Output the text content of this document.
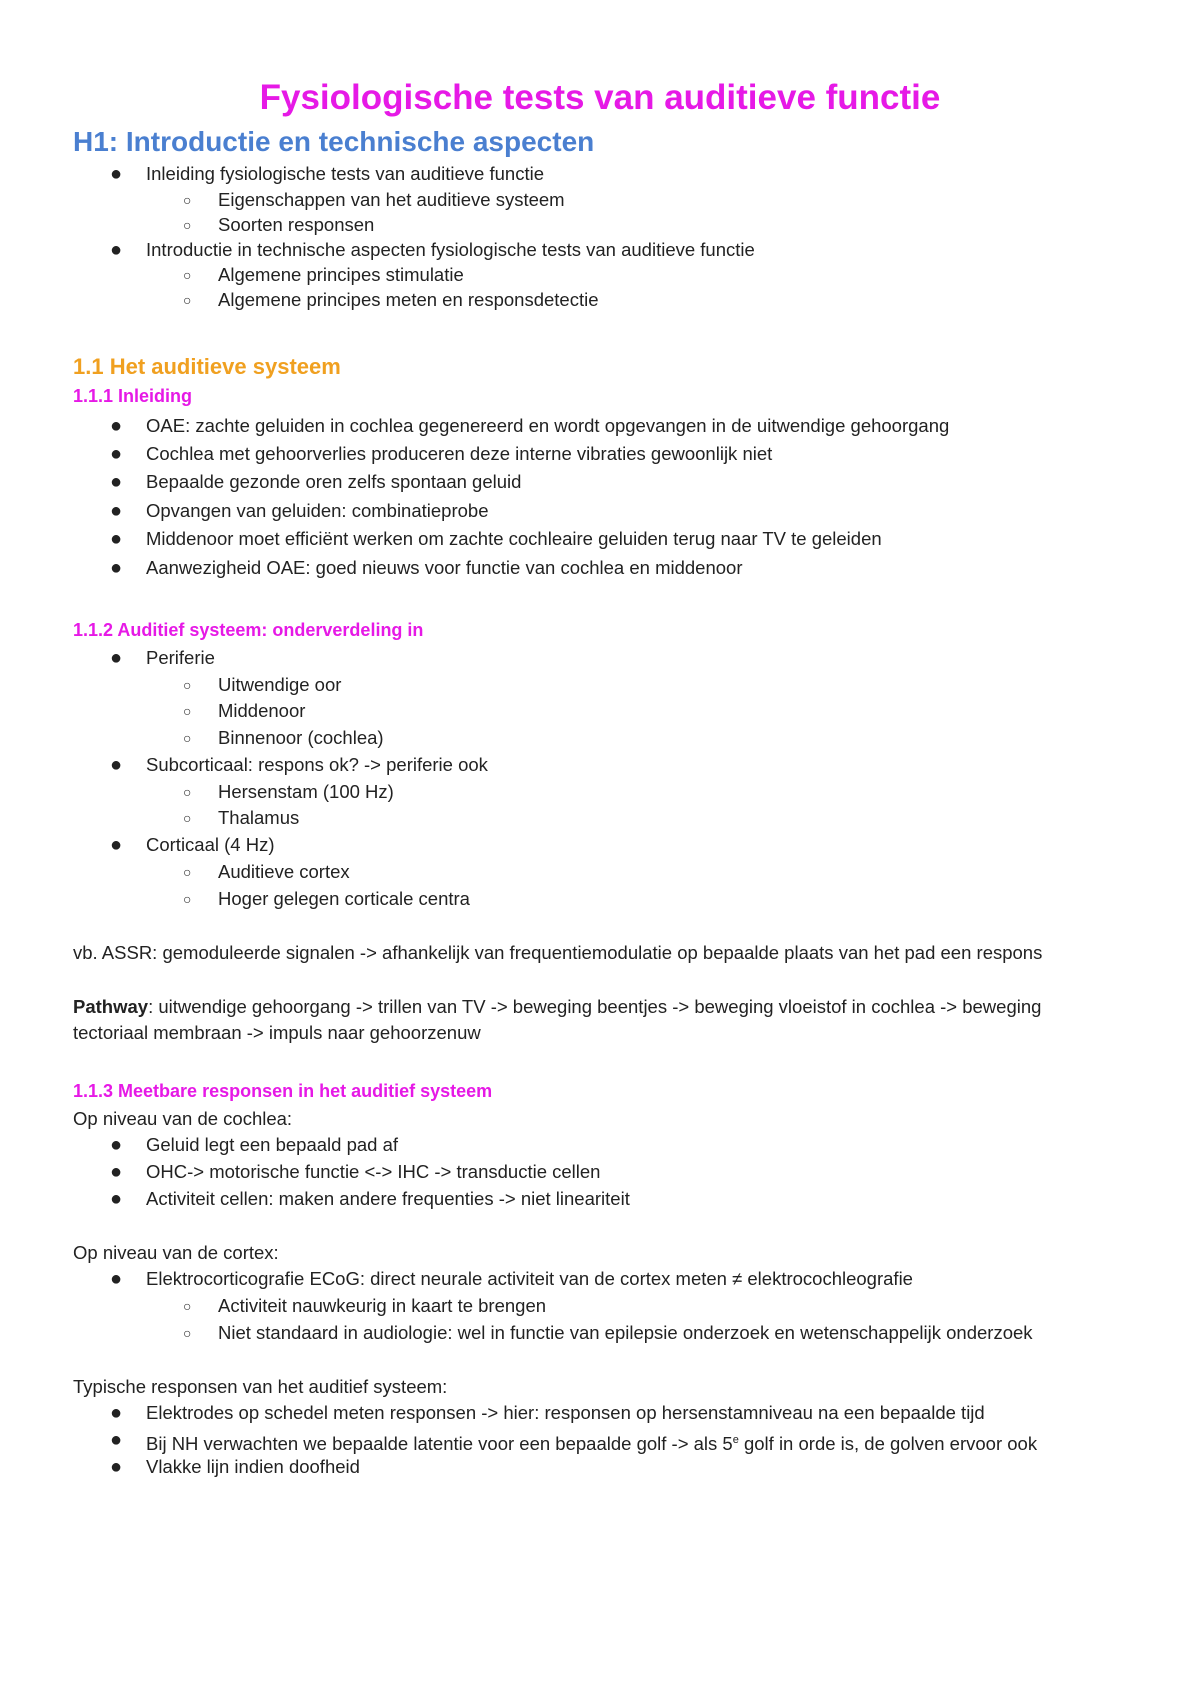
Fysiologische tests van auditieve functie
H1: Introductie en technische aspecten
● Inleiding fysiologische tests van auditieve functie
○ Eigenschappen van het auditieve systeem
○ Soorten responsen
● Introductie in technische aspecten fysiologische tests van auditieve functie
○ Algemene principes stimulatie
○ Algemene principes meten en responsdetectie
1.1 Het auditieve systeem
1.1.1 Inleiding
● OAE: zachte geluiden in cochlea gegenereerd en wordt opgevangen in de uitwendige gehoorgang
● Cochlea met gehoorverlies produceren deze interne vibraties gewoonlijk niet
● Bepaalde gezonde oren zelfs spontaan geluid
● Opvangen van geluiden: combinatieprobe
● Middenoor moet efficiënt werken om zachte cochleaire geluiden terug naar TV te geleiden
● Aanwezigheid OAE: goed nieuws voor functie van cochlea en middenoor
1.1.2 Auditief systeem: onderverdeling in
● Periferie
○ Uitwendige oor
○ Middenoor
○ Binnenoor (cochlea)
● Subcorticaal: respons ok? -> periferie ook
○ Hersenstam (100 Hz)
○ Thalamus
● Corticaal (4 Hz)
○ Auditieve cortex
○ Hoger gelegen corticale centra

vb. ASSR: gemoduleerde signalen -> afhankelijk van frequentiemodulatie op bepaalde plaats van het pad een respons

Pathway: uitwendige gehoorgang -> trillen van TV -> beweging beentjes -> beweging vloeistof in cochlea -> beweging

tectoriaal membraan -> impuls naar gehoorzenuw

1.1.3 Meetbare responsen in het auditief systeem

Op niveau van de cochlea:

● Geluid legt een bepaald pad af
● OHC-> motorische functie <-> IHC -> transductie cellen
● Activiteit cellen: maken andere frequenties -> niet lineariteit

Op niveau van de cortex:

● Elektrocorticografie ECoG: direct neurale activiteit van de cortex meten ≠ elektrocochleografie
○ Activiteit nauwkeurig in kaart te brengen
○ Niet standaard in audiologie: wel in functie van epilepsie onderzoek en wetenschappelijk onderzoek

Typische responsen van het auditief systeem:

● Elektrodes op schedel meten responsen -> hier: responsen op hersenstamniveau na een bepaalde tijd
● Bij NH verwachten we bepaalde latentie voor een bepaalde golf -> als 5e golf in orde is, de golven ervoor ook
● Vlakke lijn indien doofheid
